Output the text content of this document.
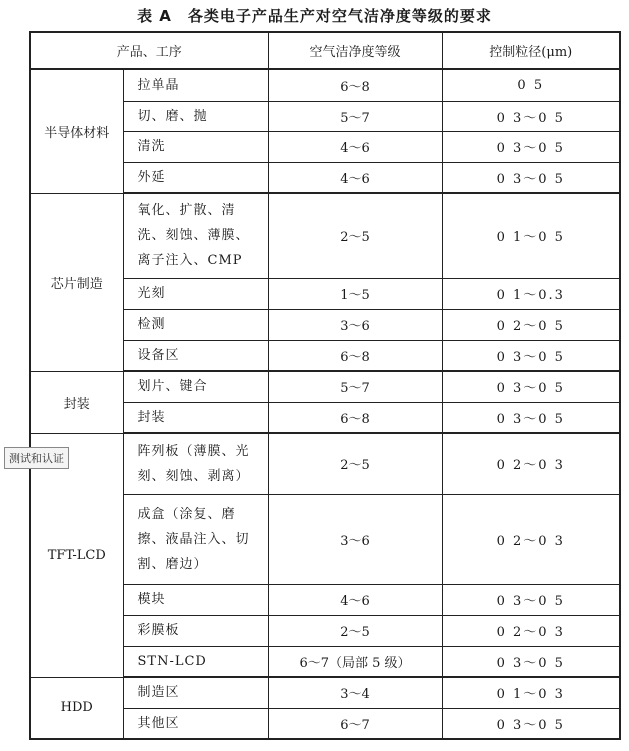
表 A　各类电子产品生产对空气洁净度等级的要求
产品、工序		空气洁净度等级	控制粒径(μm)
半导体材料	拉单晶	6～8	0 5
	切、磨、抛	5～7	0 3～0 5
	清洗	4～6	0 3～0 5
	外延	4～6	0 3～0 5
芯片制造	氧化、扩散、清洗、刻蚀、薄膜、离子注入、CMP	2～5	0 1～0 5
	光刻	1～5	0 1～0.3
	检测	3～6	0 2～0 5
	设备区	6～8	0 3～0 5
封装	划片、键合	5～7	0 3～0 5
	封装	6～8	0 3～0 5
TFT-LCD	阵列板（薄膜、光刻、刻蚀、剥离）	2～5	0 2～0 3
	成盒（涂复、磨擦、液晶注入、切割、磨边）	3～6	0 2～0 3
	模块	4～6	0 3～0 5
	彩膜板	2～5	0 2～0 3
	STN-LCD	6～7（局部 5 级）	0 3～0 5
HDD	制造区	3～4	0 1～0 3
	其他区	6～7	0 3～0 5
测试和认证
